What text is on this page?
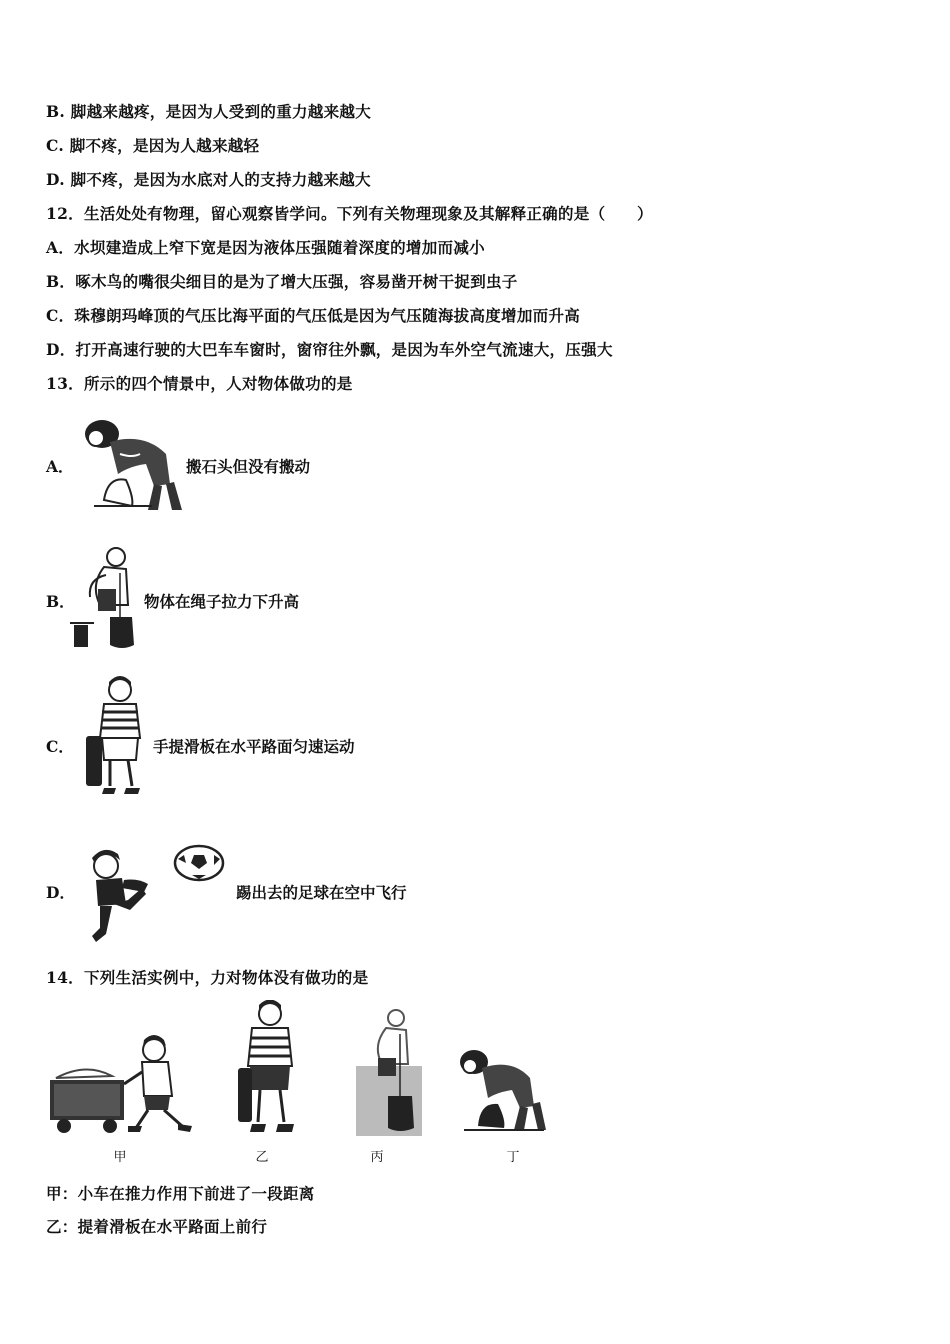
B. 脚越来越疼，是因为人受到的重力越来越大
C. 脚不疼，是因为人越来越轻
D. 脚不疼，是因为水底对人的支持力越来越大
12．生活处处有物理，留心观察皆学问。下列有关物理现象及其解释正确的是（　　）
A．水坝建造成上窄下宽是因为液体压强随着深度的增加而减小
B．啄木鸟的嘴很尖细目的是为了增大压强，容易凿开树干捉到虫子
C．珠穆朗玛峰顶的气压比海平面的气压低是因为气压随海拔高度增加而升高
D．打开高速行驶的大巴车车窗时，窗帘往外飘，是因为车外空气流速大，压强大
13．所示的四个情景中，人对物体做功的是
A．	搬石头但没有搬动
B．	物体在绳子拉力下升高
C．	手提滑板在水平路面匀速运动
D．	踢出去的足球在空中飞行
14．下列生活实例中，力对物体没有做功的是
甲	乙	丙	丁
甲：小车在推力作用下前进了一段距离
乙：提着滑板在水平路面上前行
